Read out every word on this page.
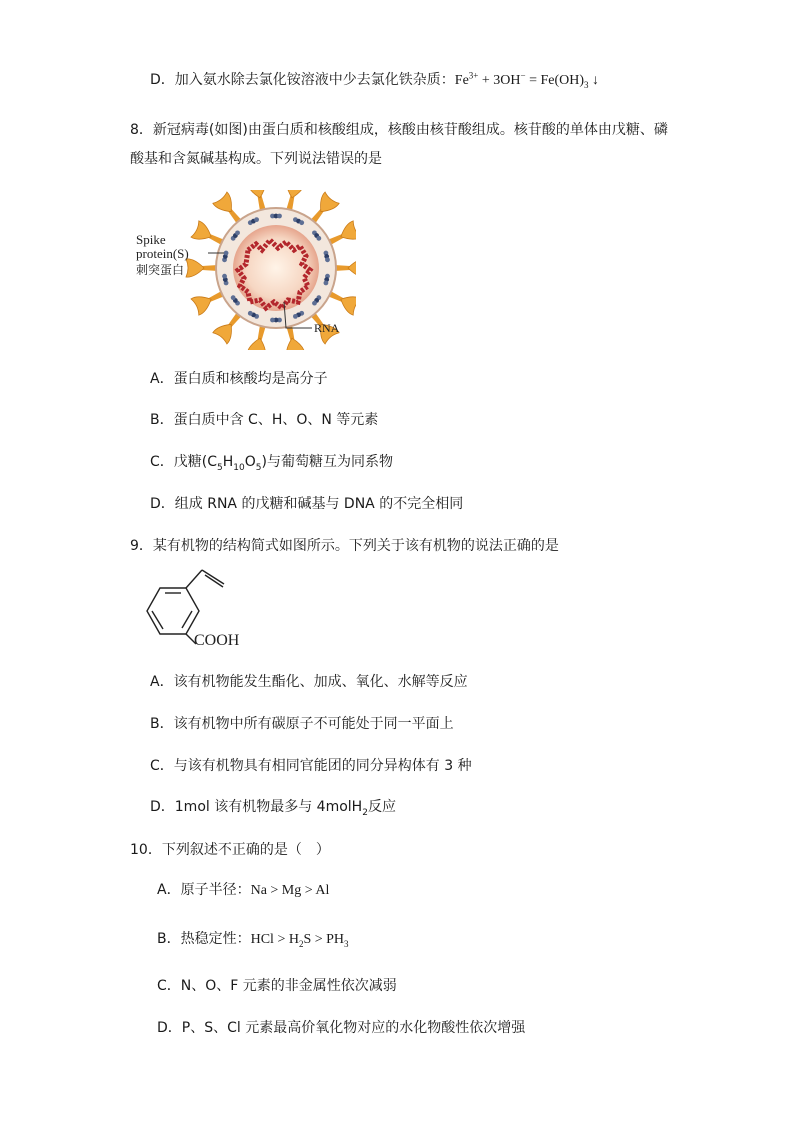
D．加入氨水除去氯化铵溶液中少去氯化铁杂质：$Fe^{3+} + 3OH^- = Fe(OH)_3$ ↓
8．新冠病毒(如图)由蛋白质和核酸组成，核酸由核苷酸组成。核苷酸的单体由戊糖、磷
酸基和含氮碱基构成。下列说法错误的是
Spike
protein(S)
刺突蛋白
RNA
A．蛋白质和核酸均是高分子
B．蛋白质中含 C、H、O、N 等元素
C．戊糖$(C_5H_{10}O_5)$与葡萄糖互为同系物
D．组成 RNA 的戊糖和碱基与 DNA 的不完全相同
9．某有机物的结构简式如图所示。下列关于该有机物的说法正确的是
COOH
A．该有机物能发生酯化、加成、氧化、水解等反应
B．该有机物中所有碳原子不可能处于同一平面上
C．与该有机物具有相同官能团的同分异构体有 3 种
D．1mol 该有机物最多与 4molH$_2$反应
10．下列叙述不正确的是（　）
A．原子半径：Na > Mg > Al
B．热稳定性：HCl > $H_2S > PH_3$
C．N、O、F 元素的非金属性依次减弱
D．P、S、Cl 元素最高价氧化物对应的水化物酸性依次增强
